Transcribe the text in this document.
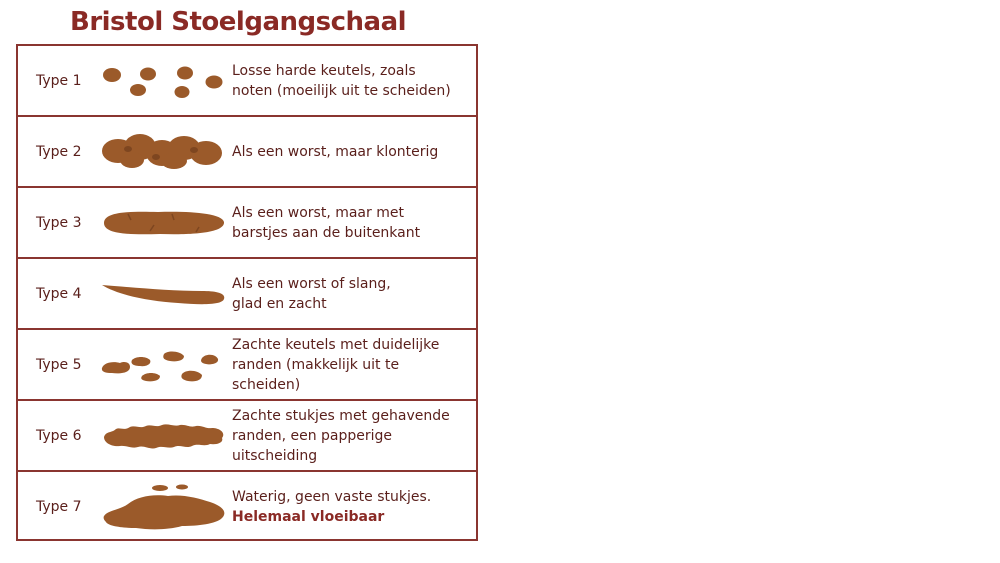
Bristol Stoelgangschaal
Type 1
Losse harde keutels, zoals
noten (moeilijk uit te scheiden)
Type 2	Als een worst, maar klonterig
Type 3
Als een worst, maar met
barstjes aan de buitenkant
Type 4
Als een worst of slang,
glad en zacht
Type 5
Zachte keutels met duidelijke
randen (makkelijk uit te
scheiden)
Type 6
Zachte stukjes met gehavende
randen, een papperige
uitscheiding
Type 7
Waterig, geen vaste stukjes.
Helemaal vloeibaar
